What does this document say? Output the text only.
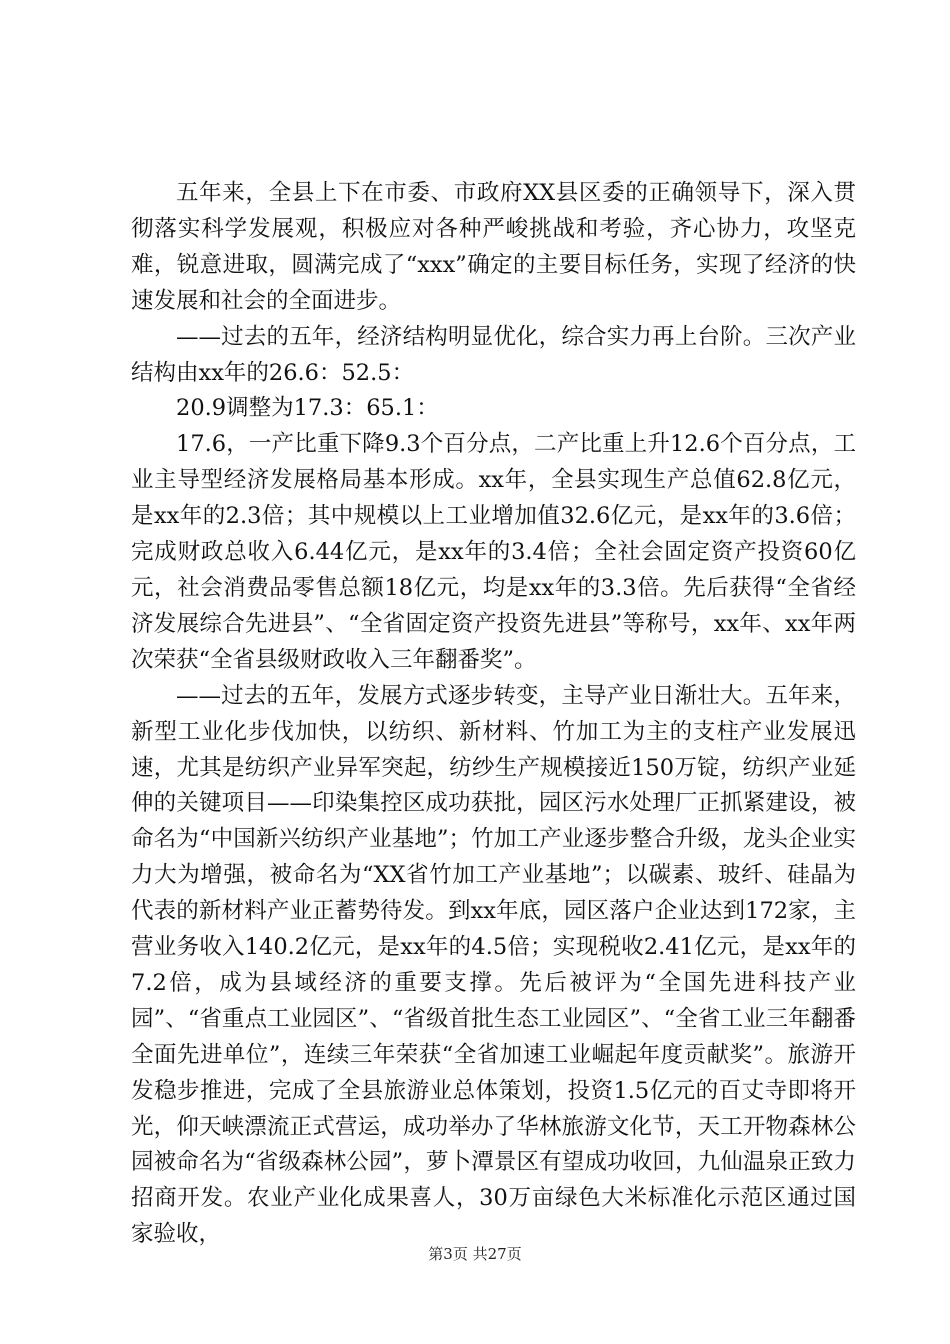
五年来，全县上下在市委、市政府XX县区委的正确领导下，深入贯彻落实科学发展观，积极应对各种严峻挑战和考验，齐心协力，攻坚克难，锐意进取，圆满完成了“xxx”确定的主要目标任务，实现了经济的快速发展和社会的全面进步。

——过去的五年，经济结构明显优化，综合实力再上台阶。三次产业结构由xx年的26.6：52.5：

20.9调整为17.3：65.1：

17.6，一产比重下降9.3个百分点，二产比重上升12.6个百分点，工业主导型经济发展格局基本形成。xx年，全县实现生产总值62.8亿元，是xx年的2.3倍；其中规模以上工业增加值32.6亿元，是xx年的3.6倍；完成财政总收入6.44亿元，是xx年的3.4倍；全社会固定资产投资60亿元，社会消费品零售总额18亿元，均是xx年的3.3倍。先后获得“全省经济发展综合先进县”、“全省固定资产投资先进县”等称号，xx年、xx年两次荣获“全省县级财政收入三年翻番奖”。

——过去的五年，发展方式逐步转变，主导产业日渐壮大。五年来，新型工业化步伐加快，以纺织、新材料、竹加工为主的支柱产业发展迅速，尤其是纺织产业异军突起，纺纱生产规模接近150万锭，纺织产业延伸的关键项目——印染集控区成功获批，园区污水处理厂正抓紧建设，被命名为“中国新兴纺织产业基地”；竹加工产业逐步整合升级，龙头企业实力大为增强，被命名为“XX省竹加工产业基地”；以碳素、玻纤、硅晶为代表的新材料产业正蓄势待发。到xx年底，园区落户企业达到172家，主营业务收入140.2亿元，是xx年的4.5倍；实现税收2.41亿元，是xx年的7.2倍，成为县域经济的重要支撑。先后被评为“全国先进科技产业园”、“省重点工业园区”、“省级首批生态工业园区”、“全省工业三年翻番全面先进单位”，连续三年荣获“全省加速工业崛起年度贡献奖”。旅游开发稳步推进，完成了全县旅游业总体策划，投资1.5亿元的百丈寺即将开光，仰天峡漂流正式营运，成功举办了华林旅游文化节，天工开物森林公园被命名为“省级森林公园”，萝卜潭景区有望成功收回，九仙温泉正致力招商开发。农业产业化成果喜人，30万亩绿色大米标准化示范区通过国家验收，

第3页 共27页
